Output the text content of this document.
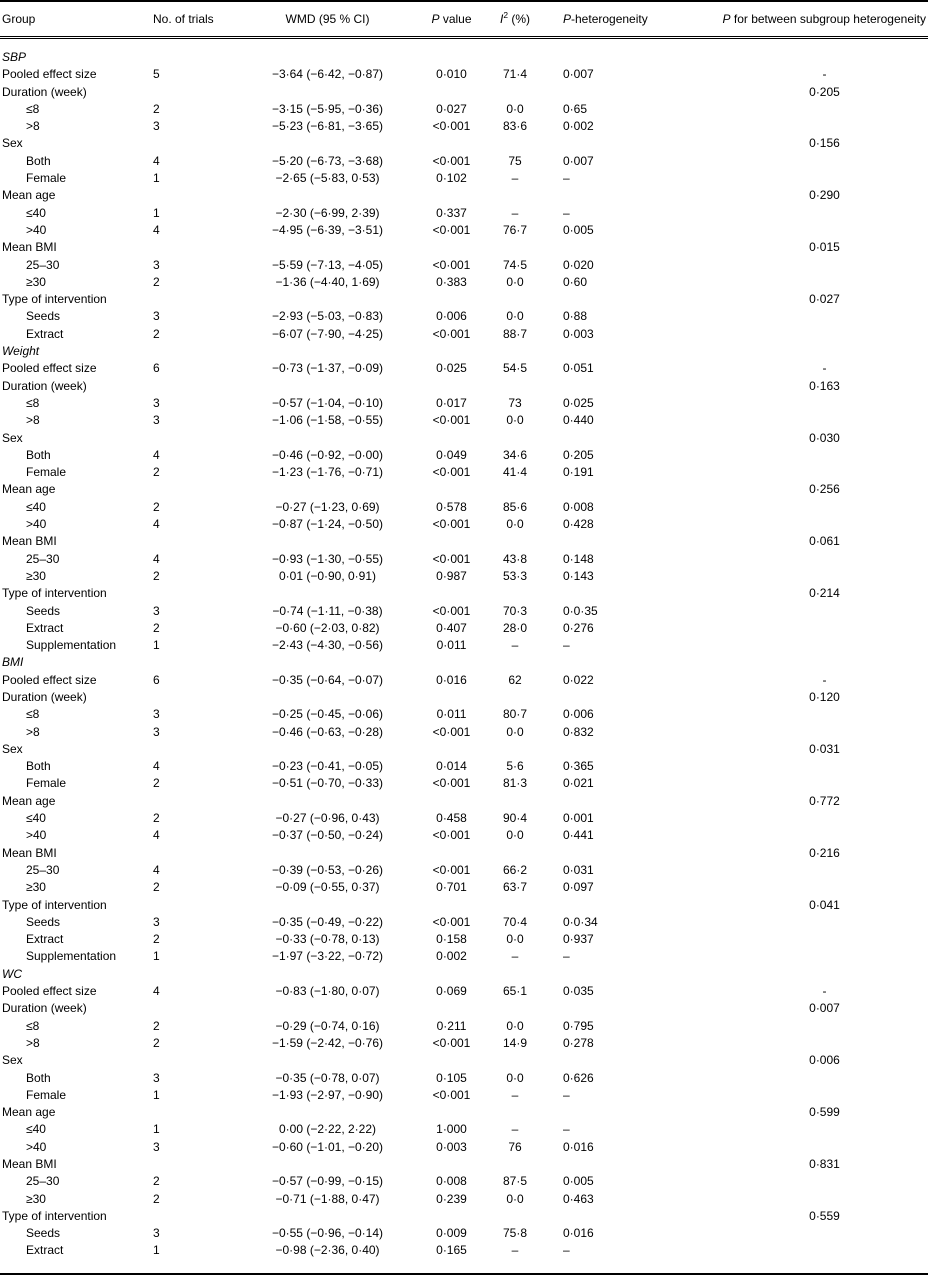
Group	No. of trials	WMD (95 % CI)	P value	$I^2$ (%)	P-heterogeneity	P for between subgroup heterogeneity
SBP						
Pooled effect size	5	−3·64 (−6·42, −0·87)	0·010	71·4	0·007	-
Duration (week)						0·205
≤8	2	−3·15 (−5·95, −0·36)	0·027	0·0	0·65	
>8	3	−5·23 (−6·81, −3·65)	<0·001	83·6	0·002	
Sex						0·156
Both	4	−5·20 (−6·73, −3·68)	<0·001	75	0·007	
Female	1	−2·65 (−5·83, 0·53)	0·102	–	–	
Mean age						0·290
≤40	1	−2·30 (−6·99, 2·39)	0·337	–	–	
>40	4	−4·95 (−6·39, −3·51)	<0·001	76·7	0·005	
Mean BMI						0·015
25–30	3	−5·59 (−7·13, −4·05)	<0·001	74·5	0·020	
≥30	2	−1·36 (−4·40, 1·69)	0·383	0·0	0·60	
Type of intervention						0·027
Seeds	3	−2·93 (−5·03, −0·83)	0·006	0·0	0·88	
Extract	2	−6·07 (−7·90, −4·25)	<0·001	88·7	0·003	
Weight						
Pooled effect size	6	−0·73 (−1·37, −0·09)	0·025	54·5	0·051	-
Duration (week)						0·163
≤8	3	−0·57 (−1·04, −0·10)	0·017	73	0·025	
>8	3	−1·06 (−1·58, −0·55)	<0·001	0·0	0·440	
Sex						0·030
Both	4	−0·46 (−0·92, −0·00)	0·049	34·6	0·205	
Female	2	−1·23 (−1·76, −0·71)	<0·001	41·4	0·191	
Mean age						0·256
≤40	2	−0·27 (−1·23, 0·69)	0·578	85·6	0·008	
>40	4	−0·87 (−1·24, −0·50)	<0·001	0·0	0·428	
Mean BMI						0·061
25–30	4	−0·93 (−1·30, −0·55)	<0·001	43·8	0·148	
≥30	2	0·01 (−0·90, 0·91)	0·987	53·3	0·143	
Type of intervention						0·214
Seeds	3	−0·74 (−1·11, −0·38)	<0·001	70·3	0·0·35	
Extract	2	−0·60 (−2·03, 0·82)	0·407	28·0	0·276	
Supplementation	1	−2·43 (−4·30, −0·56)	0·011	–	–	
BMI						
Pooled effect size	6	−0·35 (−0·64, −0·07)	0·016	62	0·022	-
Duration (week)						0·120
≤8	3	−0·25 (−0·45, −0·06)	0·011	80·7	0·006	
>8	3	−0·46 (−0·63, −0·28)	<0·001	0·0	0·832	
Sex						0·031
Both	4	−0·23 (−0·41, −0·05)	0·014	5·6	0·365	
Female	2	−0·51 (−0·70, −0·33)	<0·001	81·3	0·021	
Mean age						0·772
≤40	2	−0·27 (−0·96, 0·43)	0·458	90·4	0·001	
>40	4	−0·37 (−0·50, −0·24)	<0·001	0·0	0·441	
Mean BMI						0·216
25–30	4	−0·39 (−0·53, −0·26)	<0·001	66·2	0·031	
≥30	2	−0·09 (−0·55, 0·37)	0·701	63·7	0·097	
Type of intervention						0·041
Seeds	3	−0·35 (−0·49, −0·22)	<0·001	70·4	0·0·34	
Extract	2	−0·33 (−0·78, 0·13)	0·158	0·0	0·937	
Supplementation	1	−1·97 (−3·22, −0·72)	0·002	–	–	
WC						
Pooled effect size	4	−0·83 (−1·80, 0·07)	0·069	65·1	0·035	-
Duration (week)						0·007
≤8	2	−0·29 (−0·74, 0·16)	0·211	0·0	0·795	
>8	2	−1·59 (−2·42, −0·76)	<0·001	14·9	0·278	
Sex						0·006
Both	3	−0·35 (−0·78, 0·07)	0·105	0·0	0·626	
Female	1	−1·93 (−2·97, −0·90)	<0·001	–	–	
Mean age						0·599
≤40	1	0·00 (−2·22, 2·22)	1·000	–	–	
>40	3	−0·60 (−1·01, −0·20)	0·003	76	0·016	
Mean BMI						0·831
25–30	2	−0·57 (−0·99, −0·15)	0·008	87·5	0·005	
≥30	2	−0·71 (−1·88, 0·47)	0·239	0·0	0·463	
Type of intervention						0·559
Seeds	3	−0·55 (−0·96, −0·14)	0·009	75·8	0·016	
Extract	1	−0·98 (−2·36, 0·40)	0·165	–	–	
